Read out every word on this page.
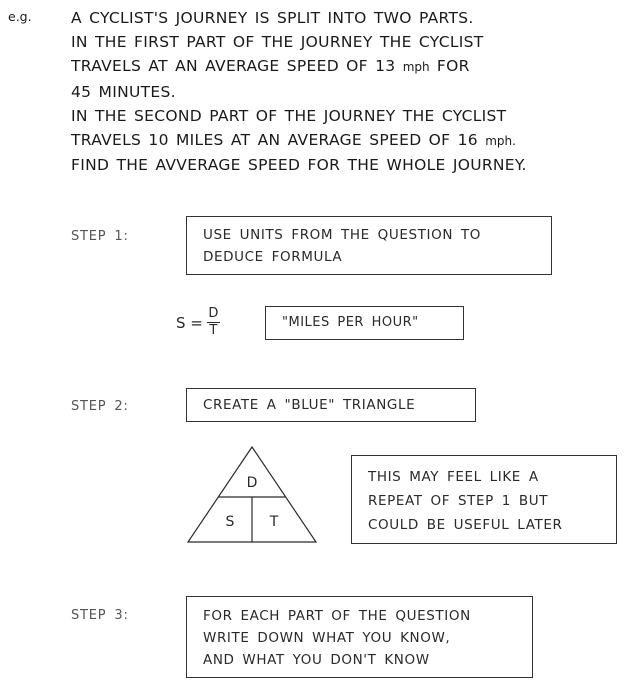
e.g.	A CYCLIST'S JOURNEY IS SPLIT INTO TWO PARTS.
IN THE FIRST PART OF THE JOURNEY THE CYCLIST
TRAVELS AT AN AVERAGE SPEED OF 13 mph FOR
45 MINUTES.
IN THE SECOND PART OF THE JOURNEY THE CYCLIST
TRAVELS 10 MILES AT AN AVERAGE SPEED OF 16 mph.
FIND THE AVVERAGE SPEED FOR THE WHOLE JOURNEY.
STEP 1:	USE UNITS FROM THE QUESTION TO
DEDUCE FORMULA
$S = \frac{D}{T}$	"MILES PER HOUR"
STEP 2:	CREATE A "BLUE" TRIANGLE
D
S	T
THIS MAY FEEL LIKE A
REPEAT OF STEP 1 BUT
COULD BE USEFUL LATER
STEP 3:	FOR EACH PART OF THE QUESTION
WRITE DOWN WHAT YOU KNOW,
AND WHAT YOU DON'T KNOW
